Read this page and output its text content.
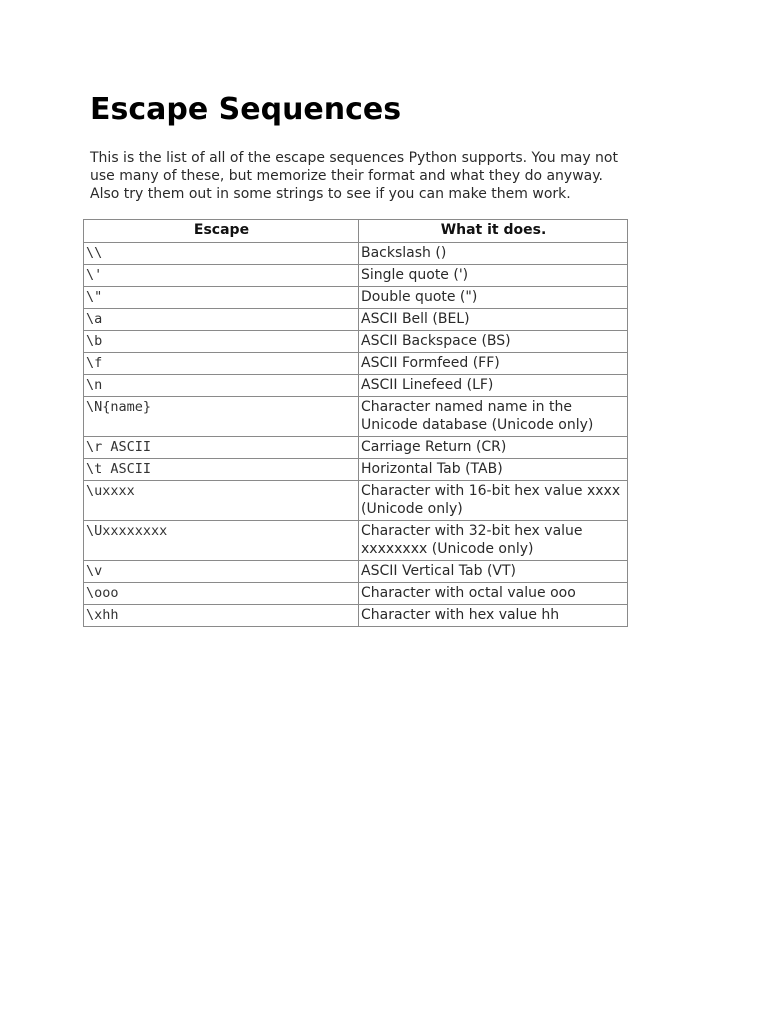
Escape Sequences

This is the list of all of the escape sequences Python supports. You may not
use many of these, but memorize their format and what they do anyway.
Also try them out in some strings to see if you can make them work.

Escape	What it does.
\\	Backslash ()
\'	Single quote (')
\"	Double quote (")
\a	ASCII Bell (BEL)
\b	ASCII Backspace (BS)
\f	ASCII Formfeed (FF)
\n	ASCII Linefeed (LF)
\N{name}	Character named name in the Unicode database (Unicode only)
\r ASCII	Carriage Return (CR)
\t ASCII	Horizontal Tab (TAB)
\uxxxx	Character with 16-bit hex value xxxx (Unicode only)
\Uxxxxxxxx	Character with 32-bit hex value xxxxxxxx (Unicode only)
\v	ASCII Vertical Tab (VT)
\ooo	Character with octal value ooo
\xhh	Character with hex value hh
